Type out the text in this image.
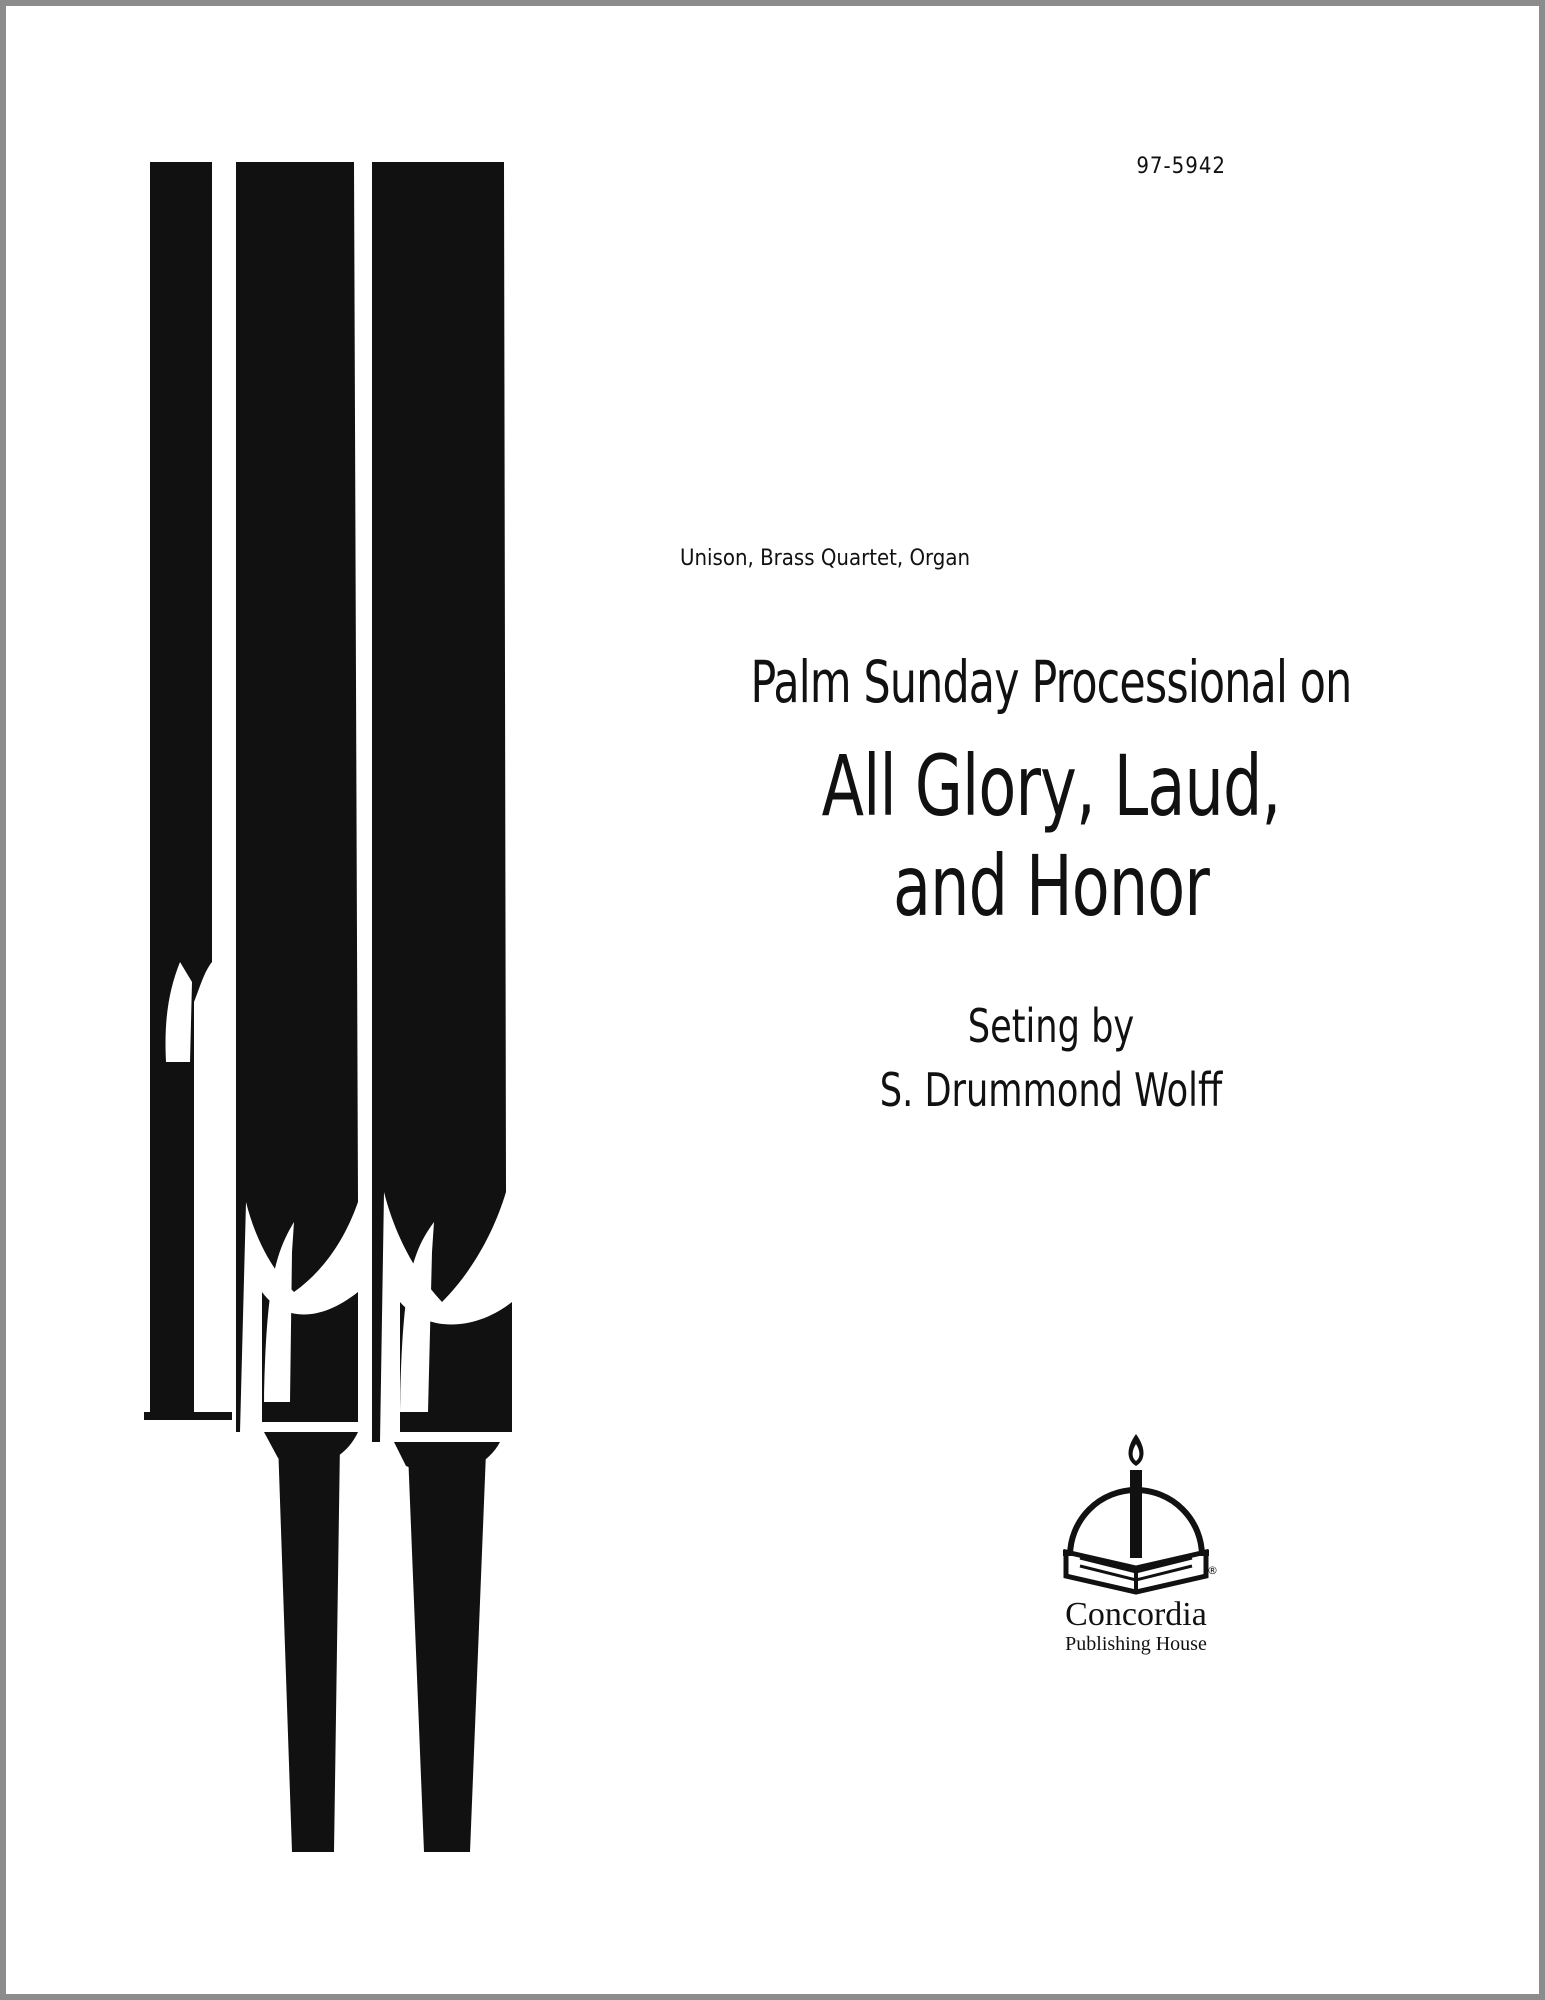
97-5942
Unison, Brass Quartet, Organ
Palm Sunday Processional on
All Glory, Laud,
and Honor
Seting by
S. Drummond Wolff
®
Concordia
Publishing House
